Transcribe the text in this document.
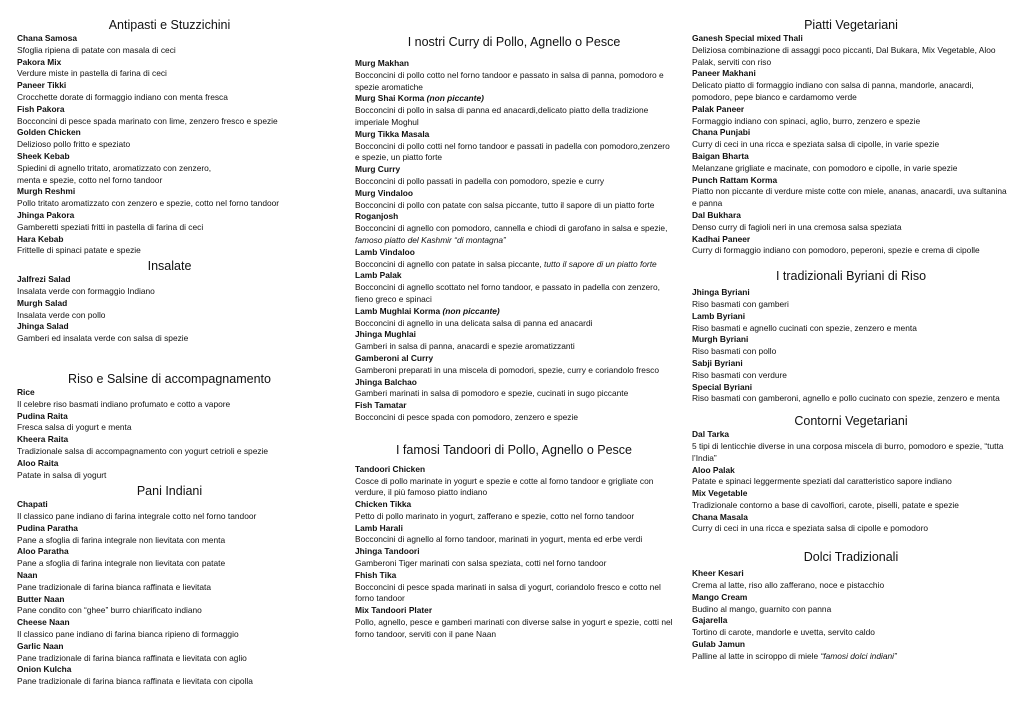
Antipasti e Stuzzichini
Chana Samosa
Sfoglia ripiena di patate con masala di ceci
Pakora Mix
Verdure miste in pastella di farina di ceci
Paneer Tikki
Crocchette dorate di formaggio indiano con menta fresca
Fish Pakora
Bocconcini di pesce spada marinato con lime, zenzero fresco e spezie
Golden Chicken
Delizioso pollo fritto e speziato
Sheek Kebab
Spiedini di agnello tritato, aromatizzato con zenzero,
menta e spezie, cotto nel forno tandoor
Murgh Reshmi
Pollo tritato aromatizzato con zenzero e spezie, cotto nel forno tandoor
Jhinga Pakora
Gamberetti speziati fritti in pastella di farina di ceci
Hara Kebab
Frittelle di spinaci patate e spezie
Insalate
Jalfrezi Salad
Insalata verde con formaggio Indiano
Murgh Salad
Insalata verde con pollo
Jhinga Salad
Gamberi ed insalata verde con salsa di spezie
Riso e Salsine di accompagnamento
Rice
Il celebre riso basmati indiano profumato e cotto a vapore
Pudina Raita
Fresca salsa di yogurt e menta
Kheera Raita
Tradizionale salsa di accompagnamento con yogurt cetrioli e spezie
Aloo Raita
Patate in salsa di yogurt
Pani Indiani
Chapati
Il classico pane indiano di farina integrale cotto nel forno tandoor
Pudina Paratha
Pane a sfoglia di farina integrale non lievitata con menta
Aloo Paratha
Pane a sfoglia di farina integrale non lievitata con patate
Naan
Pane tradizionale di farina bianca raffinata e lievitata
Butter Naan
Pane condito con “ghee” burro chiarificato indiano
Cheese Naan
Il classico pane indiano di farina bianca ripieno di formaggio
Garlic Naan
Pane tradizionale di farina bianca raffinata e lievitata con aglio
Onion Kulcha
Pane tradizionale di farina bianca raffinata e lievitata con cipolla
I nostri Curry di Pollo, Agnello o Pesce
Murg Makhan
Bocconcini di pollo cotto nel forno tandoor e passato in salsa di panna, pomodoro e spezie aromatiche
Murg Shai Korma (non piccante)
Bocconcini di pollo in salsa di panna ed anacardi,delicato piatto della tradizione imperiale Moghul
Murg Tikka Masala
Bocconcini di pollo cotti nel forno tandoor e passati in padella con pomodoro,zenzero e spezie, un piatto forte
Murg Curry
Bocconcini di pollo passati in padella con pomodoro, spezie e curry
Murg Vindaloo
Bocconcini di pollo con patate con salsa piccante, tutto il sapore di un piatto forte
Roganjosh
Bocconcini di agnello con pomodoro, cannella e chiodi di garofano in salsa e spezie, famoso piatto del Kashmir “di montagna”
Lamb Vindaloo
Bocconcini di agnello con patate in salsa piccante, tutto il sapore di un piatto forte
Lamb Palak
Bocconcini di agnello scottato nel forno tandoor, e passato in padella con zenzero, fieno greco e spinaci
Lamb Mughlai Korma (non piccante)
Bocconcini di agnello in una delicata salsa di panna ed anacardi
Jhinga Mughlai
Gamberi in salsa di panna, anacardi e spezie aromatizzanti
Gamberoni al Curry
Gamberoni preparati in una miscela di pomodori, spezie, curry e coriandolo fresco
Jhinga Balchao
Gamberi marinati in salsa di pomodoro e spezie, cucinati in sugo piccante
Fish Tamatar
Bocconcini di pesce spada con pomodoro, zenzero e spezie
I famosi Tandoori di Pollo, Agnello o Pesce
Tandoori Chicken
Cosce di pollo marinate in yogurt e spezie e cotte al forno tandoor e grigliate con verdure, il più famoso piatto indiano
Chicken Tikka
Petto di pollo marinato in yogurt, zafferano e spezie, cotto nel forno tandoor
Lamb Harali
Bocconcini di agnello al forno tandoor, marinati in yogurt, menta ed erbe verdi
Jhinga Tandoori
Gamberoni Tiger marinati con salsa speziata, cotti nel forno tandoor
Fhish Tika
Bocconcini di pesce spada marinati in salsa di yogurt, coriandolo fresco e cotto nel forno tandoor
Mix Tandoori Plater
Pollo, agnello, pesce e gamberi marinati con diverse salse in yogurt e spezie, cotti nel forno tandoor, serviti con il pane Naan
Piatti Vegetariani
Ganesh Special mixed Thali
Deliziosa combinazione di assaggi poco piccanti, Dal Bukara, Mix Vegetable, Aloo Palak, serviti con riso
Paneer Makhani
Delicato piatto di formaggio indiano con salsa di panna, mandorle, anacardi, pomodoro, pepe bianco e cardamomo verde
Palak Paneer
Formaggio indiano con spinaci, aglio, burro, zenzero e spezie
Chana Punjabi
Curry di ceci in una ricca e speziata salsa di cipolle, in varie spezie
Baigan Bharta
Melanzane grigliate e macinate, con pomodoro e cipolle, in varie spezie
Punch Rattam Korma
Piatto non piccante di verdure miste cotte con miele, ananas, anacardi, uva sultanina e panna
Dal Bukhara
Denso curry di fagioli neri in una cremosa salsa speziata
Kadhai Paneer
Curry di formaggio indiano con pomodoro, peperoni, spezie e crema di cipolle
I tradizionali Byriani di Riso
Jhinga Byriani
Riso basmati con gamberi
Lamb Byriani
Riso basmati e agnello cucinati con spezie, zenzero e menta
Murgh Byriani
Riso basmati con pollo
Sabji Byriani
Riso basmati con verdure
Special Byriani
Riso basmati con gamberoni, agnello e pollo cucinato con spezie, zenzero e menta
Contorni Vegetariani
Dal Tarka
5 tipi di lenticchie diverse in una corposa miscela di burro, pomodoro e spezie, “tutta l’India”
Aloo Palak
Patate e spinaci leggermente speziati dal caratteristico sapore indiano
Mix Vegetable
Tradizionale contorno a base di cavolfiori, carote, piselli, patate e spezie
Chana Masala
Curry di ceci in una ricca e speziata salsa di cipolle e pomodoro
Dolci Tradizionali
Kheer Kesari
Crema al latte, riso allo zafferano, noce e pistacchio
Mango Cream
Budino al mango, guarnito con panna
Gajarella
Tortino di carote, mandorle e uvetta, servito caldo
Gulab Jamun
Palline al latte in sciroppo di miele “famosi dolci indiani”
